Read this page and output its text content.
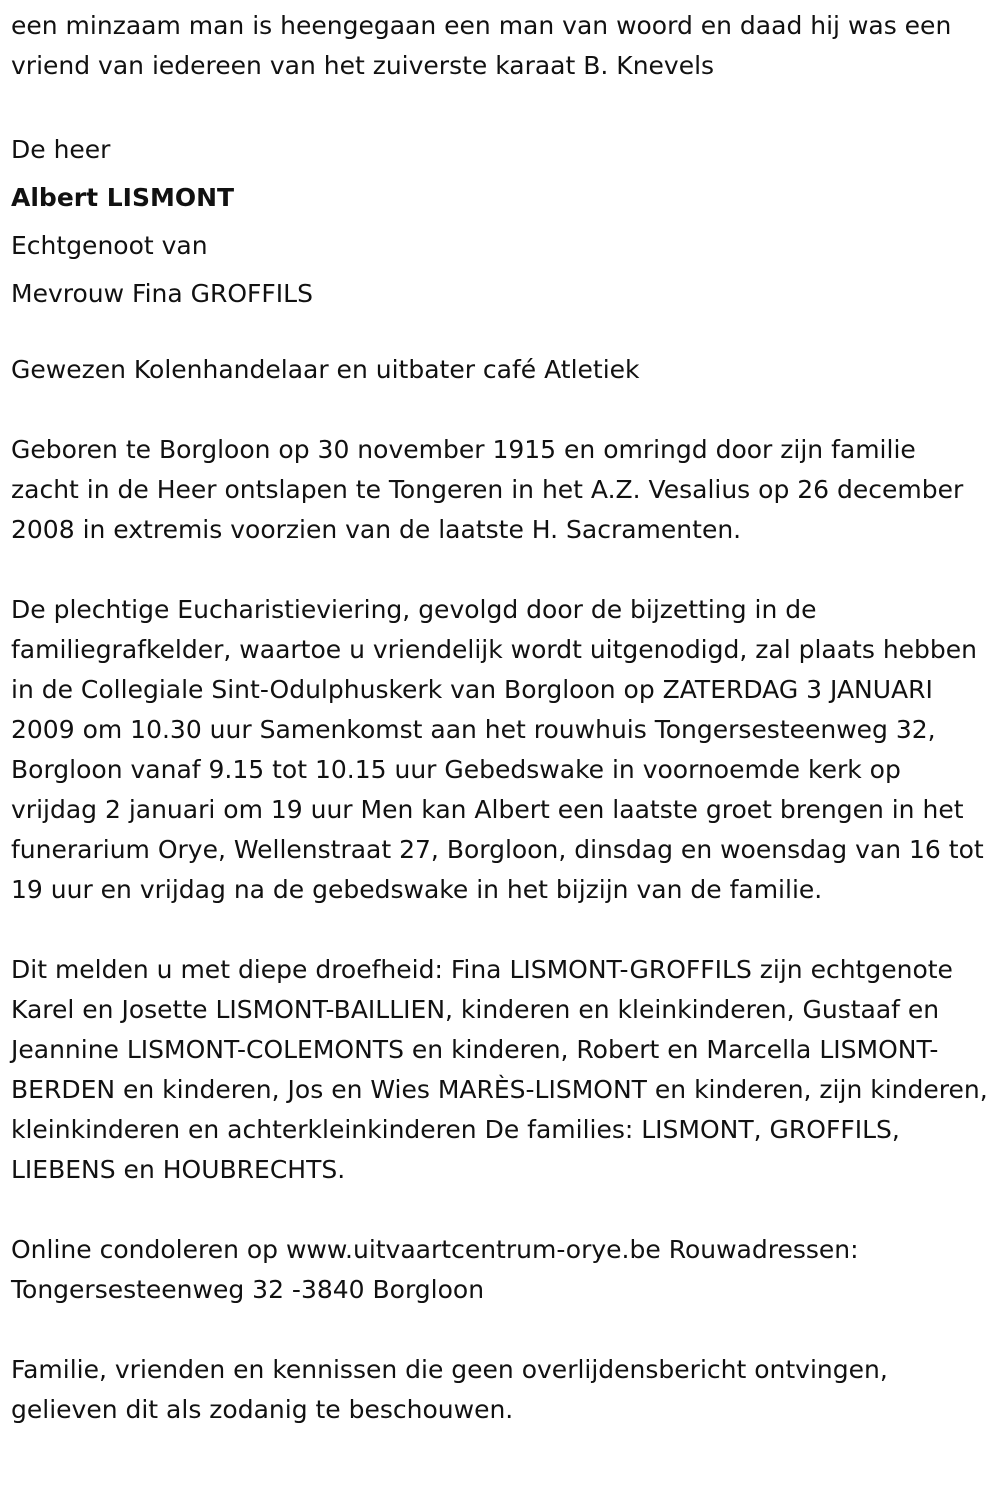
een minzaam man is heengegaan een man van woord en daad hij was een vriend van iedereen van het zuiverste karaat B. Knevels

De heer

Albert LISMONT

Echtgenoot van

Mevrouw Fina GROFFILS

Gewezen Kolenhandelaar en uitbater café Atletiek

Geboren te Borgloon op 30 november 1915 en omringd door zijn familie zacht in de Heer ontslapen te Tongeren in het A.Z. Vesalius op 26 december 2008 in extremis voorzien van de laatste H. Sacramenten.

De plechtige Eucharistieviering, gevolgd door de bijzetting in de familiegrafkelder, waartoe u vriendelijk wordt uitgenodigd, zal plaats hebben in de Collegiale Sint-Odulphuskerk van Borgloon op ZATERDAG 3 JANUARI 2009 om 10.30 uur Samenkomst aan het rouwhuis Tongersesteenweg 32, Borgloon vanaf 9.15 tot 10.15 uur Gebedswake in voornoemde kerk op vrijdag 2 januari om 19 uur Men kan Albert een laatste groet brengen in het funerarium Orye, Wellenstraat 27, Borgloon, dinsdag en woensdag van 16 tot 19 uur en vrijdag na de gebedswake in het bijzijn van de familie.

Dit melden u met diepe droefheid: Fina LISMONT-GROFFILS zijn echtgenote Karel en Josette LISMONT-BAILLIEN, kinderen en kleinkinderen, Gustaaf en Jeannine LISMONT-COLEMONTS en kinderen, Robert en Marcella LISMONT-BERDEN en kinderen, Jos en Wies MARÈS-LISMONT en kinderen, zijn kinderen, kleinkinderen en achterkleinkinderen De families: LISMONT, GROFFILS, LIEBENS en HOUBRECHTS.

Online condoleren op www.uitvaartcentrum-orye.be Rouwadressen: Tongersesteenweg 32 -3840 Borgloon

Familie, vrienden en kennissen die geen overlijdensbericht ontvingen, gelieven dit als zodanig te beschouwen.
